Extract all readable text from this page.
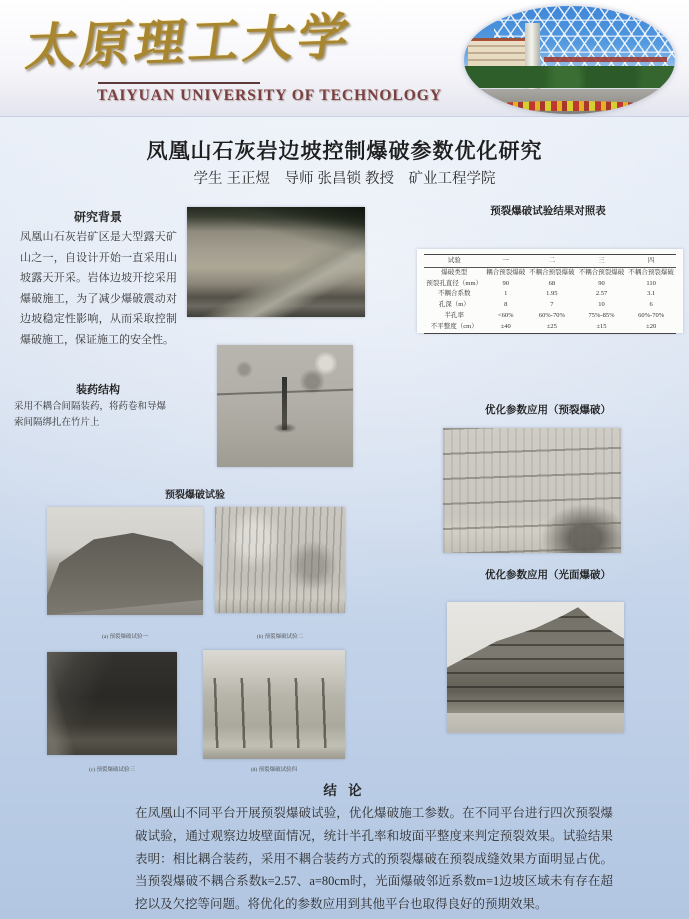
太原理工大学
TAIYUAN UNIVERSITY OF TECHNOLOGY
凤凰山石灰岩边坡控制爆破参数优化研究
学生 王正煜　导师 张昌锁 教授　矿业工程学院
研究背景
凤凰山石灰岩矿区是大型露天矿山之一，自设计开始一直采用山坡露天开采。岩体边坡开挖采用爆破施工，为了减少爆破震动对边坡稳定性影响，从而采取控制爆破施工，保证施工的安全性。
装药结构
采用不耦合间隔装药，将药卷和导爆索间隔绑扎在竹片上
预裂爆破试验
(a) 预裂爆破试验一	(b) 预裂爆破试验二
(c) 预裂爆破试验三	(d) 预裂爆破试验四
预裂爆破试验结果对照表
试验	一	二	三	四
爆破类型	耦合预裂爆破	不耦合预裂爆破	不耦合预裂爆破	不耦合预裂爆破
预裂孔直径（mm）	90	68	90	110
不耦合系数	1	1.95	2.57	3.1
孔深（m）	8	7	10	6
半孔率	<60%	60%-70%	75%-85%	60%-70%
不平整度（cm）	±40	±25	±15	±20
优化参数应用（预裂爆破）
优化参数应用（光面爆破）
结 论
在凤凰山不同平台开展预裂爆破试验，优化爆破施工参数。在不同平台进行四次预裂爆破试验，通过观察边坡壁面情况，统计半孔率和坡面平整度来判定预裂效果。试验结果表明：相比耦合装药，采用不耦合装药方式的预裂爆破在预裂成缝效果方面明显占优。当预裂爆破不耦合系数k=2.57、a=80cm时，光面爆破邻近系数m=1边坡区域未有存在超挖以及欠挖等问题。将优化的参数应用到其他平台也取得良好的预期效果。
